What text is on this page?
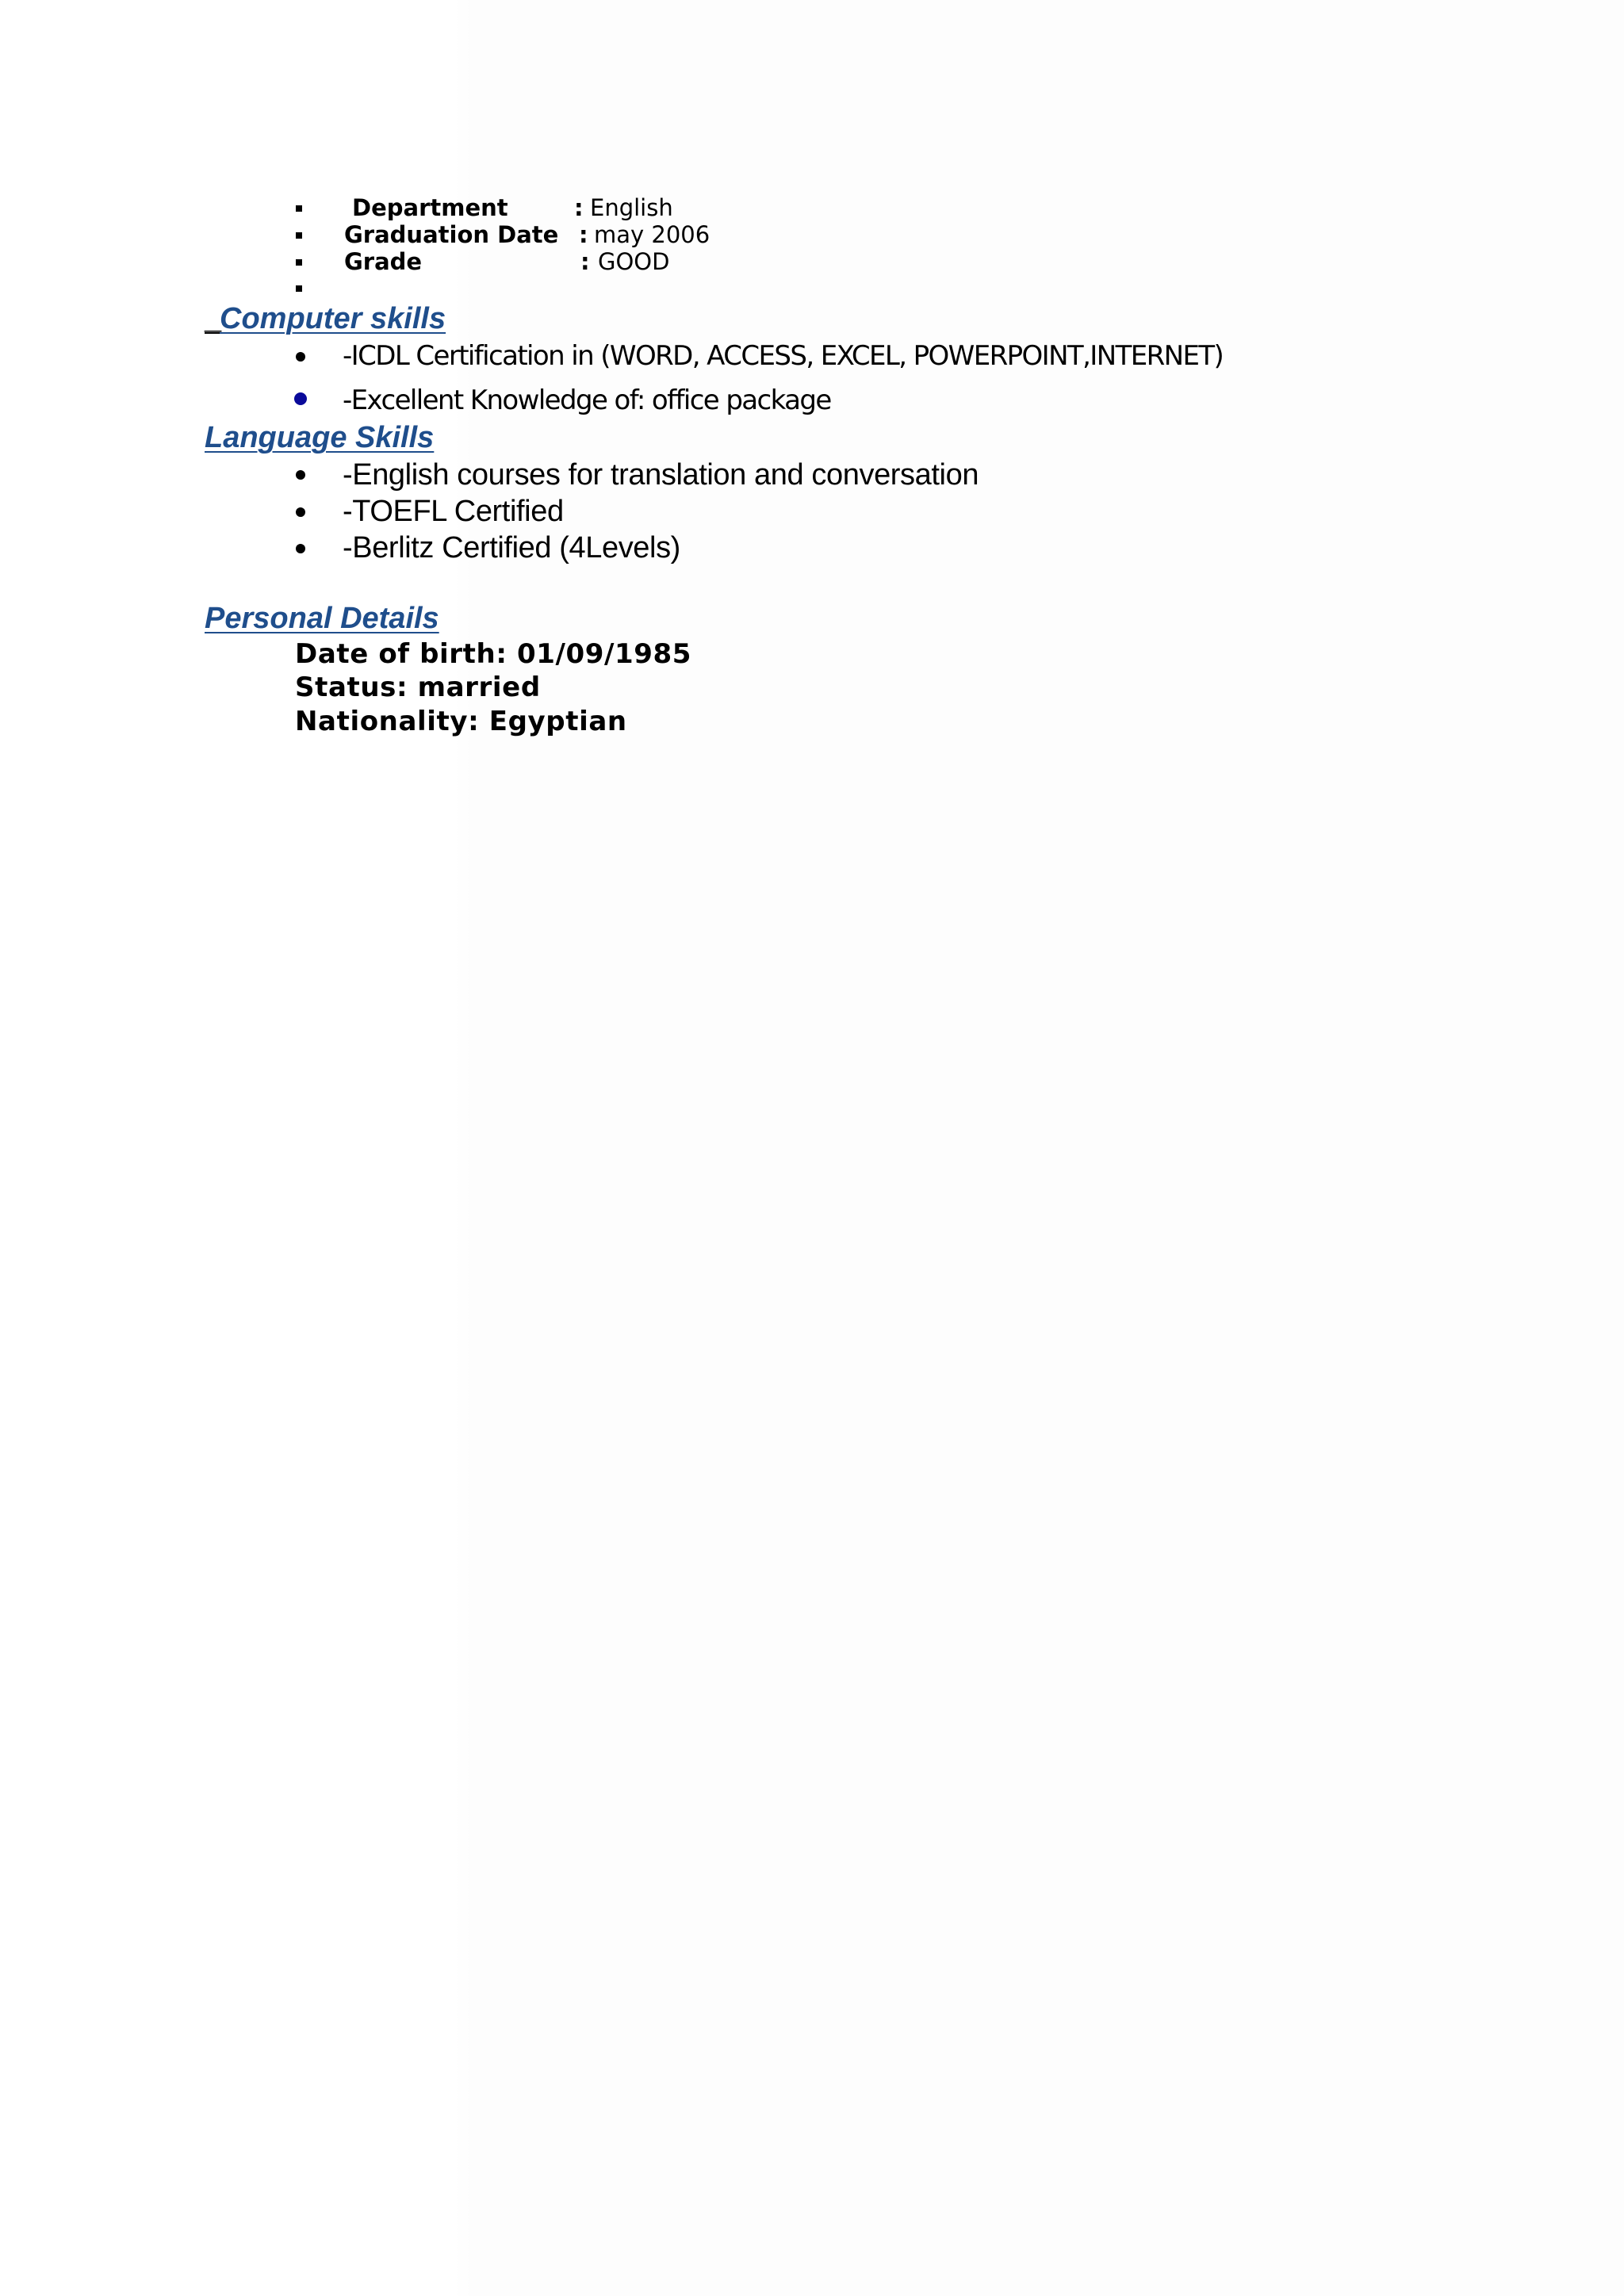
Department	: English
Graduation Date : may 2006
Grade	: GOOD
_
Computer skills
-ICDL Certification in (WORD, ACCESS, EXCEL, POWERPOINT,INTERNET)
-Excellent Knowledge of: office package
Language Skills
-English courses for translation and conversation
-TOEFL Certified
-Berlitz Certified (4Levels)
Personal Details
Date of birth: 01/09/1985
Status: married
Nationality: Egyptian
